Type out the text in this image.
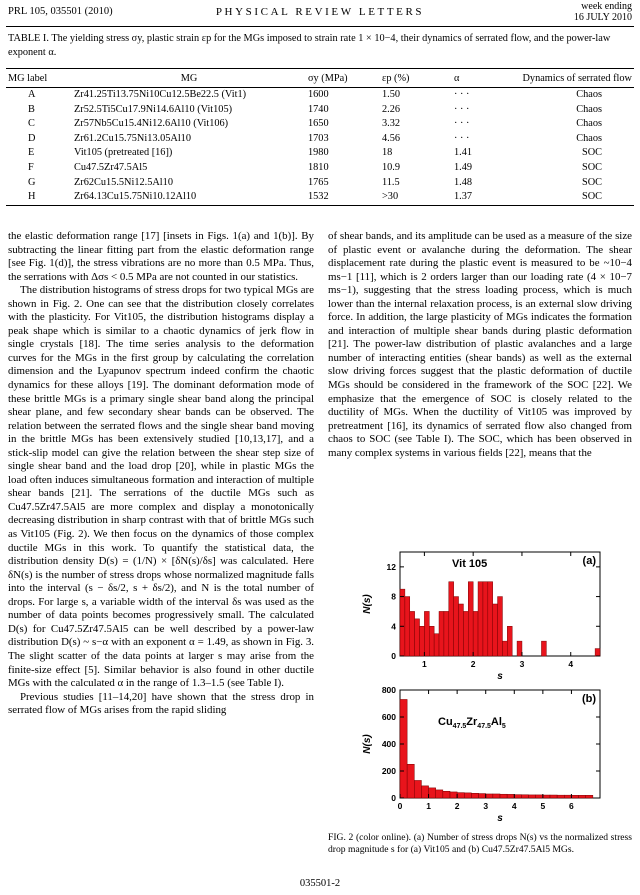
PRL 105, 035501 (2010)	PHYSICAL REVIEW LETTERS	week ending
16 JULY 2010
TABLE I. The yielding stress σy, plastic strain εp for the MGs imposed to strain rate 1 × 10−4, their dynamics of serrated flow, and the power-law exponent α.
MG label	MG	σy (MPa)	εp (%)	α	Dynamics of serrated flow
A	Zr41.25Ti13.75Ni10Cu12.5Be22.5 (Vit1)	1600	1.50	· · ·	Chaos
B	Zr52.5Ti5Cu17.9Ni14.6Al10 (Vit105)	1740	2.26	· · ·	Chaos
C	Zr57Nb5Cu15.4Ni12.6Al10 (Vit106)	1650	3.32	· · ·	Chaos
D	Zr61.2Cu15.75Ni13.05Al10	1703	4.56	· · ·	Chaos
E	Vit105 (pretreated [16])	1980	18	1.41	SOC
F	Cu47.5Zr47.5Al5	1810	10.9	1.49	SOC
G	Zr62Cu15.5Ni12.5Al10	1765	11.5	1.48	SOC
H	Zr64.13Cu15.75Ni10.12Al10	1532	>30	1.37	SOC

the elastic deformation range [17] [insets in Figs. 1(a) and 1(b)]. By subtracting the linear fitting part from the elastic deformation range [see Fig. 1(d)], the stress vibrations are no more than 0.5 MPa. Thus, the serrations with Δσs < 0.5 MPa are not counted in our statistics.

The distribution histograms of stress drops for two typical MGs are shown in Fig. 2. One can see that the distribution closely correlates with the plasticity. For Vit105, the distribution histograms display a peak shape which is similar to a chaotic dynamics of jerk flow in single crystals [18]. The time series analysis to the deformation curves for the MGs in the first group by calculating the correlation dimension and the Lyapunov spectrum indeed confirm the chaotic dynamics for these alloys [19]. The dominant deformation mode of these brittle MGs is a primary single shear band along the principal shear plane, and few secondary shear bands can be observed. The relation between the serrated flows and the single shear band moving in the brittle MGs has been extensively studied [10,13,17], and a stick-slip model can give the relation between the shear step size of single shear band and the load drop [20], while in plastic MGs the load often induces simultaneous formation and interaction of multiple shear bands [21]. The serrations of the ductile MGs such as Cu47.5Zr47.5Al5 are more complex and display a monotonically decreasing distribution in sharp contrast with that of brittle MGs such as Vit105 (Fig. 2). We then focus on the dynamics of those complex ductile MGs in this work. To quantify the statistical data, the distribution density D(s) = (1/N) × [δN(s)/δs] was calculated. Here δN(s) is the number of stress drops whose normalized magnitude falls into the interval (s − δs/2, s + δs/2), and N is the total number of drops. For large s, a variable width of the interval δs was used as the number of data points becomes progressively small. The calculated D(s) for Cu47.5Zr47.5Al5 can be well described by a power-law distribution D(s) ~ s−α with an exponent α = 1.49, as shown in Fig. 3. The slight scatter of the data points at larger s may arise from the finite-size effect [5]. Similar behavior is also found in other ductile MGs with the calculated α in the range of 1.3–1.5 (see Table I).

Previous studies [11–14,20] have shown that the stress drop in serrated flow of MGs arises from the rapid sliding

of shear bands, and its amplitude can be used as a measure of the size of plastic event or avalanche during the deformation. The shear displacement rate during the plastic event is measured to be ~10−4 ms−1 [11], which is 2 orders larger than our loading rate (4 × 10−7 ms−1), suggesting that the stress loading process, which is much lower than the internal relaxation process, is an external slow driving force. In addition, the large plasticity of MGs indicates the formation and interaction of multiple shear bands during plastic deformation [21]. The power-law distribution of plastic avalanches and a large number of interacting entities (shear bands) as well as the external slow driving forces suggest that the plastic deformation of ductile MGs should be considered in the framework of the SOC [22]. We emphasize that the emergence of SOC is closely related to the ductility of MGs. When the ductility of Vit105 was improved by pretreatment [16], its dynamics of serrated flow also changed from chaos to SOC (see Table I). The SOC, which has been observed in many complex systems in various fields [22], means that the

1	2	3	4
0
4
8
12
s
N(s)
(a)
Vit 105
0	1	2	3	4	5	6
0
200
400
600
800
s
N(s)
(b)
$Cu_{47.5}Zr_{47.5}Al_5$
FIG. 2 (color online). (a) Number of stress drops N(s) vs the normalized stress drop magnitude s for (a) Vit105 and (b) Cu47.5Zr47.5Al5 MGs.
035501-2
